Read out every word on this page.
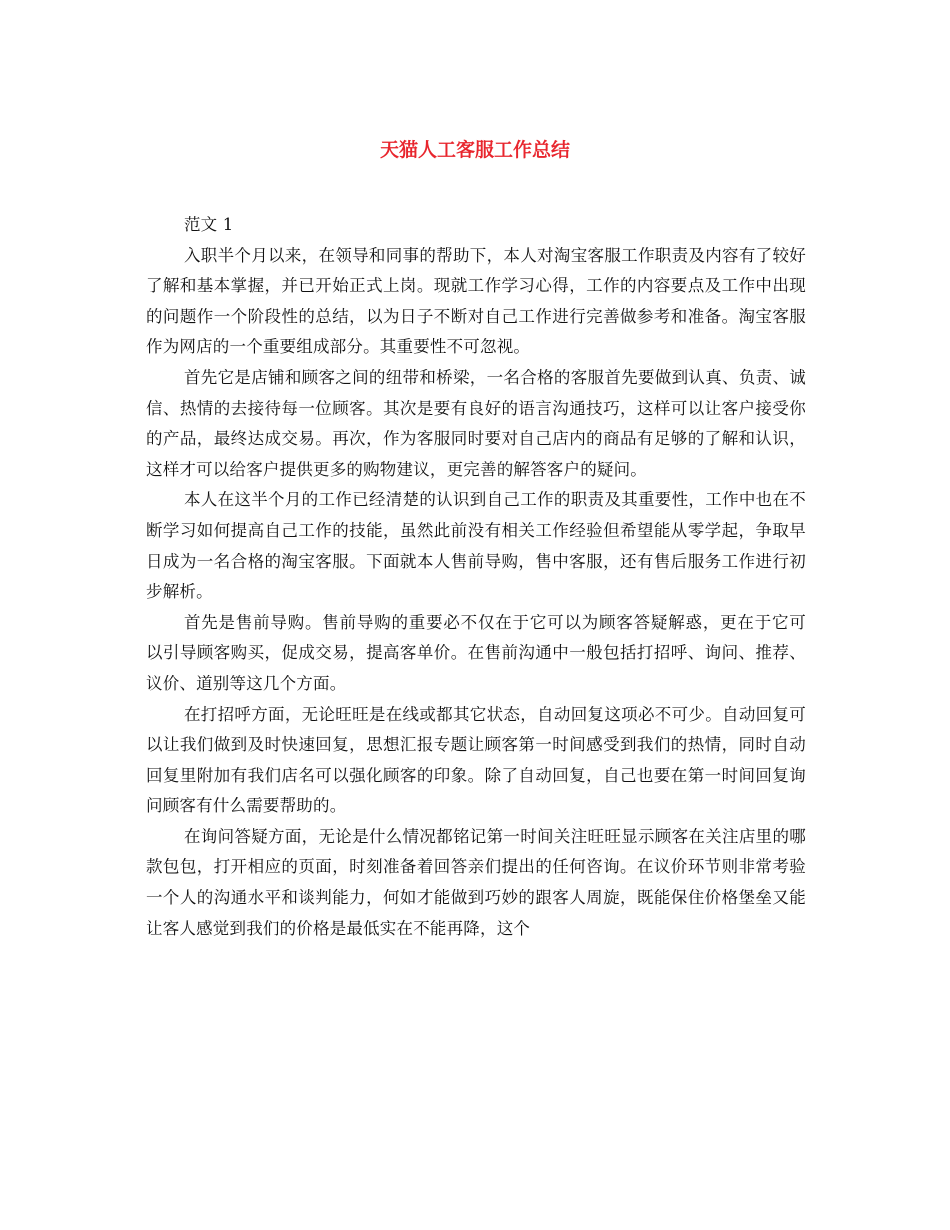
天猫人工客服工作总结

范文 1

入职半个月以来，在领导和同事的帮助下，本人对淘宝客服工作职责及内容有了较好了解和基本掌握，并已开始正式上岗。现就工作学习心得，工作的内容要点及工作中出现的问题作一个阶段性的总结，以为日子不断对自己工作进行完善做参考和准备。淘宝客服作为网店的一个重要组成部分。其重要性不可忽视。

首先它是店铺和顾客之间的纽带和桥梁，一名合格的客服首先要做到认真、负责、诚信、热情的去接待每一位顾客。其次是要有良好的语言沟通技巧，这样可以让客户接受你的产品，最终达成交易。再次，作为客服同时要对自己店内的商品有足够的了解和认识，这样才可以给客户提供更多的购物建议，更完善的解答客户的疑问。

本人在这半个月的工作已经清楚的认识到自己工作的职责及其重要性，工作中也在不断学习如何提高自己工作的技能，虽然此前没有相关工作经验但希望能从零学起，争取早日成为一名合格的淘宝客服。下面就本人售前导购，售中客服，还有售后服务工作进行初步解析。

首先是售前导购。售前导购的重要必不仅在于它可以为顾客答疑解惑，更在于它可 以引导顾客购买，促成交易，提高客单价。在售前沟通中一般包括打招呼、询问、推荐、议价、道别等这几个方面。

在打招呼方面，无论旺旺是在线或都其它状态，自动回复这项必不可少。自动回复可以让我们做到及时快速回复，思想汇报专题让顾客第一时间感受到我们的热情，同时自动回复里附加有我们店名可以强化顾客的印象。除了自动回复，自己也要在第一时间回复询问顾客有什么需要帮助的。

在询问答疑方面，无论是什么情况都铭记第一时间关注旺旺显示顾客在关注店里的哪款包包，打开相应的页面，时刻准备着回答亲们提出的任何咨询。在议价环节则非常考验一个人的沟通水平和谈判能力，何如才能做到巧妙的跟客人周旋，既能保住价格堡垒又能让客人感觉到我们的价格是最低实在不能再降，这个
